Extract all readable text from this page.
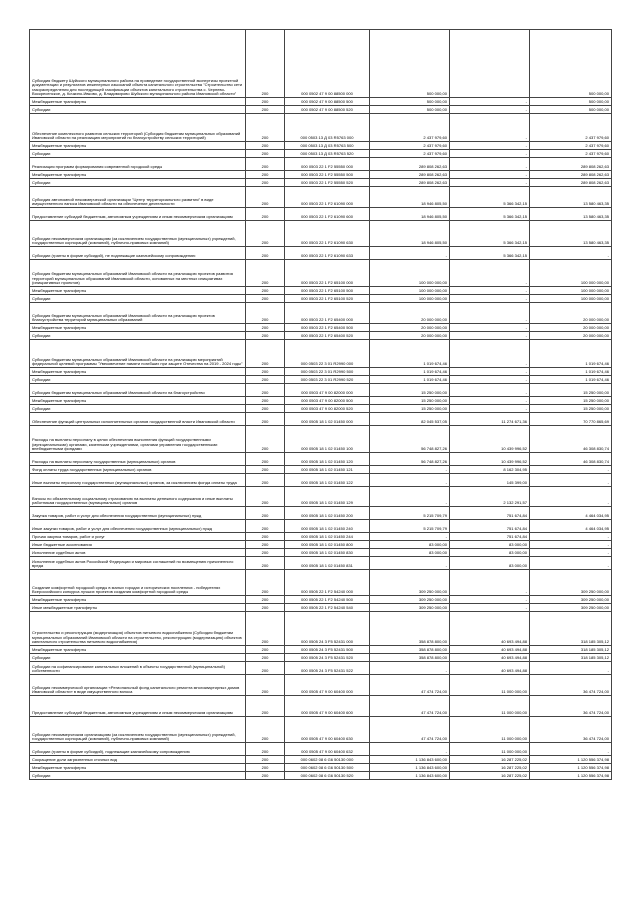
Субсидия бюджету Шуйского муниципального района на проведение государственной экспертизы проектной документации и результатов инженерных изысканий объекта капитального строительства "Строительство сети газораспределения для последующей газификации объектов капитального строительства с. Чернево-Воскресенское, д. Кочкино-Ивково, д. Владимирово Шуйского муниципального района Ивановской области"	200	000 0502 47 9 00 88500 000	500 000,00		500 000,00
Межбюджетные трансферты	200	000 0502 47 9 00 88500 500	500 000,00	-	500 000,00
Субсидии	200	000 0502 47 9 00 88500 520	500 000,00	-	500 000,00
Обеспечение комплексного развития сельских территорий (Субсидия бюджетам муниципальных образований Ивановской области на реализацию мероприятий по благоустройству сельских территорий)	200	000 0503 13 Д 03 R5763 000	2 437 979,60	-	2 437 979,60
Межбюджетные трансферты	200	000 0503 13 Д 03 R5763 500	2 437 979,60	-	2 437 979,60
Субсидии	200	000 0503 13 Д 03 R5763 520	2 437 979,60	-	2 437 979,60
Реализация программ формирования современной городской среды	200	000 0503 22 1 F2 55550 000	289 808 262,63	-	289 808 262,63
Межбюджетные трансферты	200	000 0503 22 1 F2 55550 500	289 808 262,63	-	289 808 262,63
Субсидии	200	000 0503 22 1 F2 55550 520	289 808 262,63	-	289 808 262,63
Субсидия автономной некоммерческой организации "Центр территориального развития" в виде имущественного взноса Ивановской области на обеспечение деятельности	200	000 0503 22 1 F2 61090 000	18 946 805,50	5 366 342,15	13 580 463,35
Предоставление субсидий бюджетным, автономным учреждениям и иным некоммерческим организациям	200	000 0503 22 1 F2 61090 600	18 946 805,50	5 366 342,15	13 580 463,35
Субсидии некоммерческим организациям (за исключением государственных (муниципальных) учреждений, государственных корпораций (компаний), публично-правовых компаний)	200	000 0503 22 1 F2 61090 630	18 946 805,50	5 366 342,15	13 580 463,35
Субсидии (гранты в форме субсидий), не подлежащие казначейскому сопровождению	200	000 0503 22 1 F2 61090 633	-	5 366 342,15	-
Субсидия бюджетам муниципальных образований Ивановской области на реализацию проектов развития территорий муниципальных образований Ивановской области, основанных на местных инициативах (инициативных проектов)	200	000 0503 22 1 F2 65100 000	100 000 000,00	-	100 000 000,00
Межбюджетные трансферты	200	000 0503 22 1 F2 65100 500	100 000 000,00	-	100 000 000,00
Субсидии	200	000 0503 22 1 F2 65100 520	100 000 000,00	-	100 000 000,00
Субсидия бюджетам муниципальных образований Ивановской области на реализацию проектов благоустройства территорий муниципальных образований	200	000 0503 22 1 F2 65400 000	20 000 000,00	-	20 000 000,00
Межбюджетные трансферты	200	000 0503 22 1 F2 65400 500	20 000 000,00	-	20 000 000,00
Субсидии	200	000 0503 22 1 F2 65400 520	20 000 000,00	-	20 000 000,00
Субсидии бюджетам муниципальных образований Ивановской области на реализацию мероприятий федеральной целевой программы "Увековечение памяти погибших при защите Отечества на 2019 - 2024 годы"	200	000 0503 22 3 01 R2990 000	1 019 674,46	-	1 019 674,46
Межбюджетные трансферты	200	000 0503 22 3 01 R2990 500	1 019 674,46	-	1 019 674,46
Субсидии	200	000 0503 22 3 01 R2990 520	1 019 674,46	-	1 019 674,46
Субсидия бюджетам муниципальных образований Ивановской области на благоустройство	200	000 0503 47 9 00 82000 000	15 250 000,00	-	15 250 000,00
Межбюджетные трансферты	200	000 0503 47 9 00 82000 500	15 250 000,00	-	15 250 000,00
Субсидии	200	000 0503 47 9 00 82000 520	15 250 000,00	-	15 250 000,00
Обеспечение функций центральных исполнительных органов государственной власти Ивановской области	200	000 0505 18 1 02 01450 000	82 045 537,05	11 274 671,36	70 770 865,69
Расходы на выплаты персоналу в целях обеспечения выполнения функций государственными (муниципальными) органами, казенными учреждениями, органами управления государственными внебюджетными фондами	200	000 0505 18 1 02 01450 100	56 748 827,26	10 439 996,52	46 308 830,74
Расходы на выплаты персоналу государственных (муниципальных) органов	200	000 0505 18 1 02 01450 120	56 748 827,26	10 439 996,52	46 308 830,74
Фонд оплаты труда государственных (муниципальных) органов	200	000 0505 18 1 02 01450 121	-	8 162 304,95	-
Иные выплаты персоналу государственных (муниципальных) органов, за исключением фонда оплаты труда	200	000 0505 18 1 02 01450 122	-	145 399,00	-
Взносы по обязательному социальному страхованию на выплаты денежного содержания и иные выплаты работникам государственных (муниципальных) органов	200	000 0505 18 1 02 01450 129	-	2 132 291,57	-
Закупка товаров, работ и услуг для обеспечения государственных (муниципальных) нужд	200	000 0505 18 1 02 01450 200	5 215 709,79	751 674,84	4 464 034,95
Иные закупки товаров, работ и услуг для обеспечения государственных (муниципальных) нужд	200	000 0505 18 1 02 01450 240	5 215 709,79	751 674,84	4 464 034,95
Прочая закупка товаров, работ и услуг	200	000 0505 18 1 02 01450 244	-	751 674,84	-
Иные бюджетные ассигнования	200	000 0505 18 1 02 01450 800	83 000,00	83 000,00	-
Исполнение судебных актов	200	000 0505 18 1 02 01450 830	83 000,00	83 000,00	-
Исполнение судебных актов Российской Федерации и мировых соглашений по возмещению причиненного вреда	200	000 0505 18 1 02 01450 831	-	83 000,00	-
Создание комфортной городской среды в малых городах и исторических поселениях - победителях Всероссийского конкурса лучших проектов создания комфортной городской среды	200	000 0505 22 1 F2 54240 000	309 250 000,00	-	309 250 000,00
Межбюджетные трансферты	200	000 0505 22 1 F2 54240 500	309 250 000,00	-	309 250 000,00
Иные межбюджетные трансферты	200	000 0505 22 1 F2 54240 540	309 250 000,00	-	309 250 000,00
Строительство и реконструкция (модернизация) объектов питьевого водоснабжения (Субсидия бюджетам муниципальных образований Ивановской области на строительство, реконструкцию (модернизацию) объектов капитального строительства питьевого водоснабжения)	200	000 0505 24 3 F5 52431 000	358 878 800,00	40 693 494,88	318 185 305,12
Межбюджетные трансферты	200	000 0505 24 3 F5 52431 500	358 878 800,00	40 693 494,88	318 185 305,12
Субсидии	200	000 0505 24 3 F5 52431 520	358 878 800,00	40 693 494,88	318 185 305,12
Субсидии на софинансирование капитальных вложений в объекты государственной (муниципальной) собственности	200	000 0505 24 3 F5 52431 522	-	40 693 494,88	-
Субсидия некоммерческой организации «Региональный фонд капитального ремонта многоквартирных домов Ивановской области» в виде имущественного взноса	200	000 0505 47 9 00 60400 000	47 474 724,00	11 000 000,00	36 474 724,00
Предоставление субсидий бюджетным, автономным учреждениям и иным некоммерческим организациям	200	000 0505 47 9 00 60400 600	47 474 724,00	11 000 000,00	36 474 724,00
Субсидии некоммерческим организациям (за исключением государственных (муниципальных) учреждений, государственных корпораций (компаний), публично-правовых компаний)	200	000 0505 47 9 00 60400 630	47 474 724,00	11 000 000,00	36 474 724,00
Субсидии (гранты в форме субсидий), подлежащие казначейскому сопровождению	200	000 0505 47 9 00 60400 632	-	11 000 000,00	-
Сокращение доли загрязненных сточных вод	200	000 0602 08 6 G6 50130 000	1 136 843 600,00	16 287 225,02	1 120 556 374,98
Межбюджетные трансферты	200	000 0602 08 6 G6 50130 500	1 136 843 600,00	16 287 225,02	1 120 556 374,98
Субсидии	200	000 0602 08 6 G6 50130 520	1 136 843 600,00	16 287 225,02	1 120 556 374,98
